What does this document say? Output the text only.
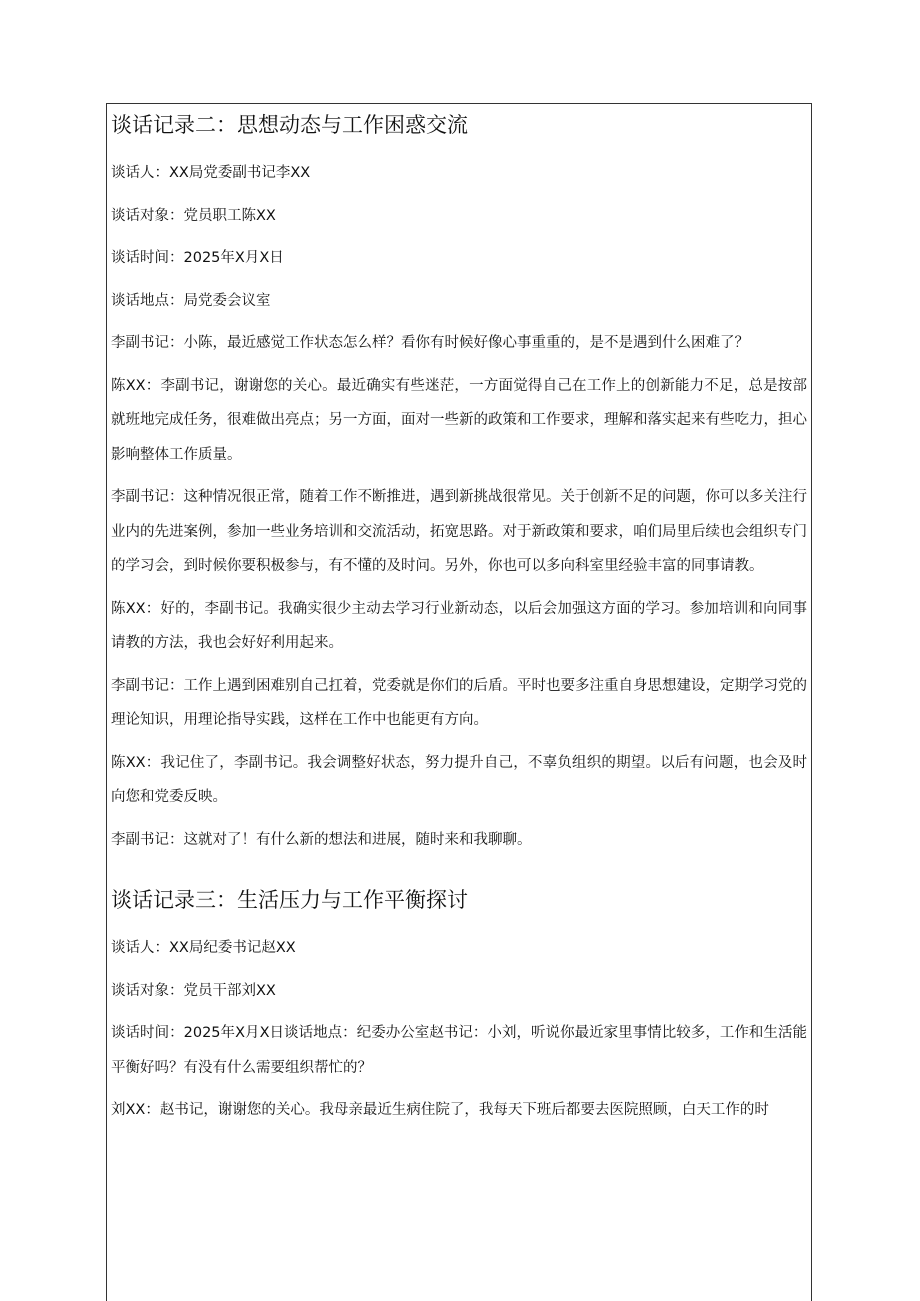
谈话记录二：思想动态与工作困惑交流

谈话人：XX局党委副书记李XX

谈话对象：党员职工陈XX

谈话时间：2025年X月X日

谈话地点：局党委会议室

李副书记：小陈，最近感觉工作状态怎么样？看你有时候好像心事重重的，是不是遇到什么困难了？

陈XX：李副书记，谢谢您的关心。最近确实有些迷茫，一方面觉得自己在工作上的创新能力不足，总是按部就班地完成任务，很难做出亮点；另一方面，面对一些新的政策和工作要求，理解和落实起来有些吃力，担心影响整体工作质量。

李副书记：这种情况很正常，随着工作不断推进，遇到新挑战很常见。关于创新不足的问题，你可以多关注行业内的先进案例，参加一些业务培训和交流活动，拓宽思路。对于新政策和要求，咱们局里后续也会组织专门的学习会，到时候你要积极参与，有不懂的及时问。另外，你也可以多向科室里经验丰富的同事请教。

陈XX：好的，李副书记。我确实很少主动去学习行业新动态，以后会加强这方面的学习。参加培训和向同事请教的方法，我也会好好利用起来。

李副书记：工作上遇到困难别自己扛着，党委就是你们的后盾。平时也要多注重自身思想建设，定期学习党的理论知识，用理论指导实践，这样在工作中也能更有方向。

陈XX：我记住了，李副书记。我会调整好状态，努力提升自己，不辜负组织的期望。以后有问题，也会及时向您和党委反映。

李副书记：这就对了！有什么新的想法和进展，随时来和我聊聊。

谈话记录三：生活压力与工作平衡探讨

谈话人：XX局纪委书记赵XX

谈话对象：党员干部刘XX

谈话时间：2025年X月X日谈话地点：纪委办公室赵书记：小刘，听说你最近家里事情比较多，工作和生活能平衡好吗？有没有什么需要组织帮忙的？

刘XX：赵书记，谢谢您的关心。我母亲最近生病住院了，我每天下班后都要去医院照顾，白天工作的时
